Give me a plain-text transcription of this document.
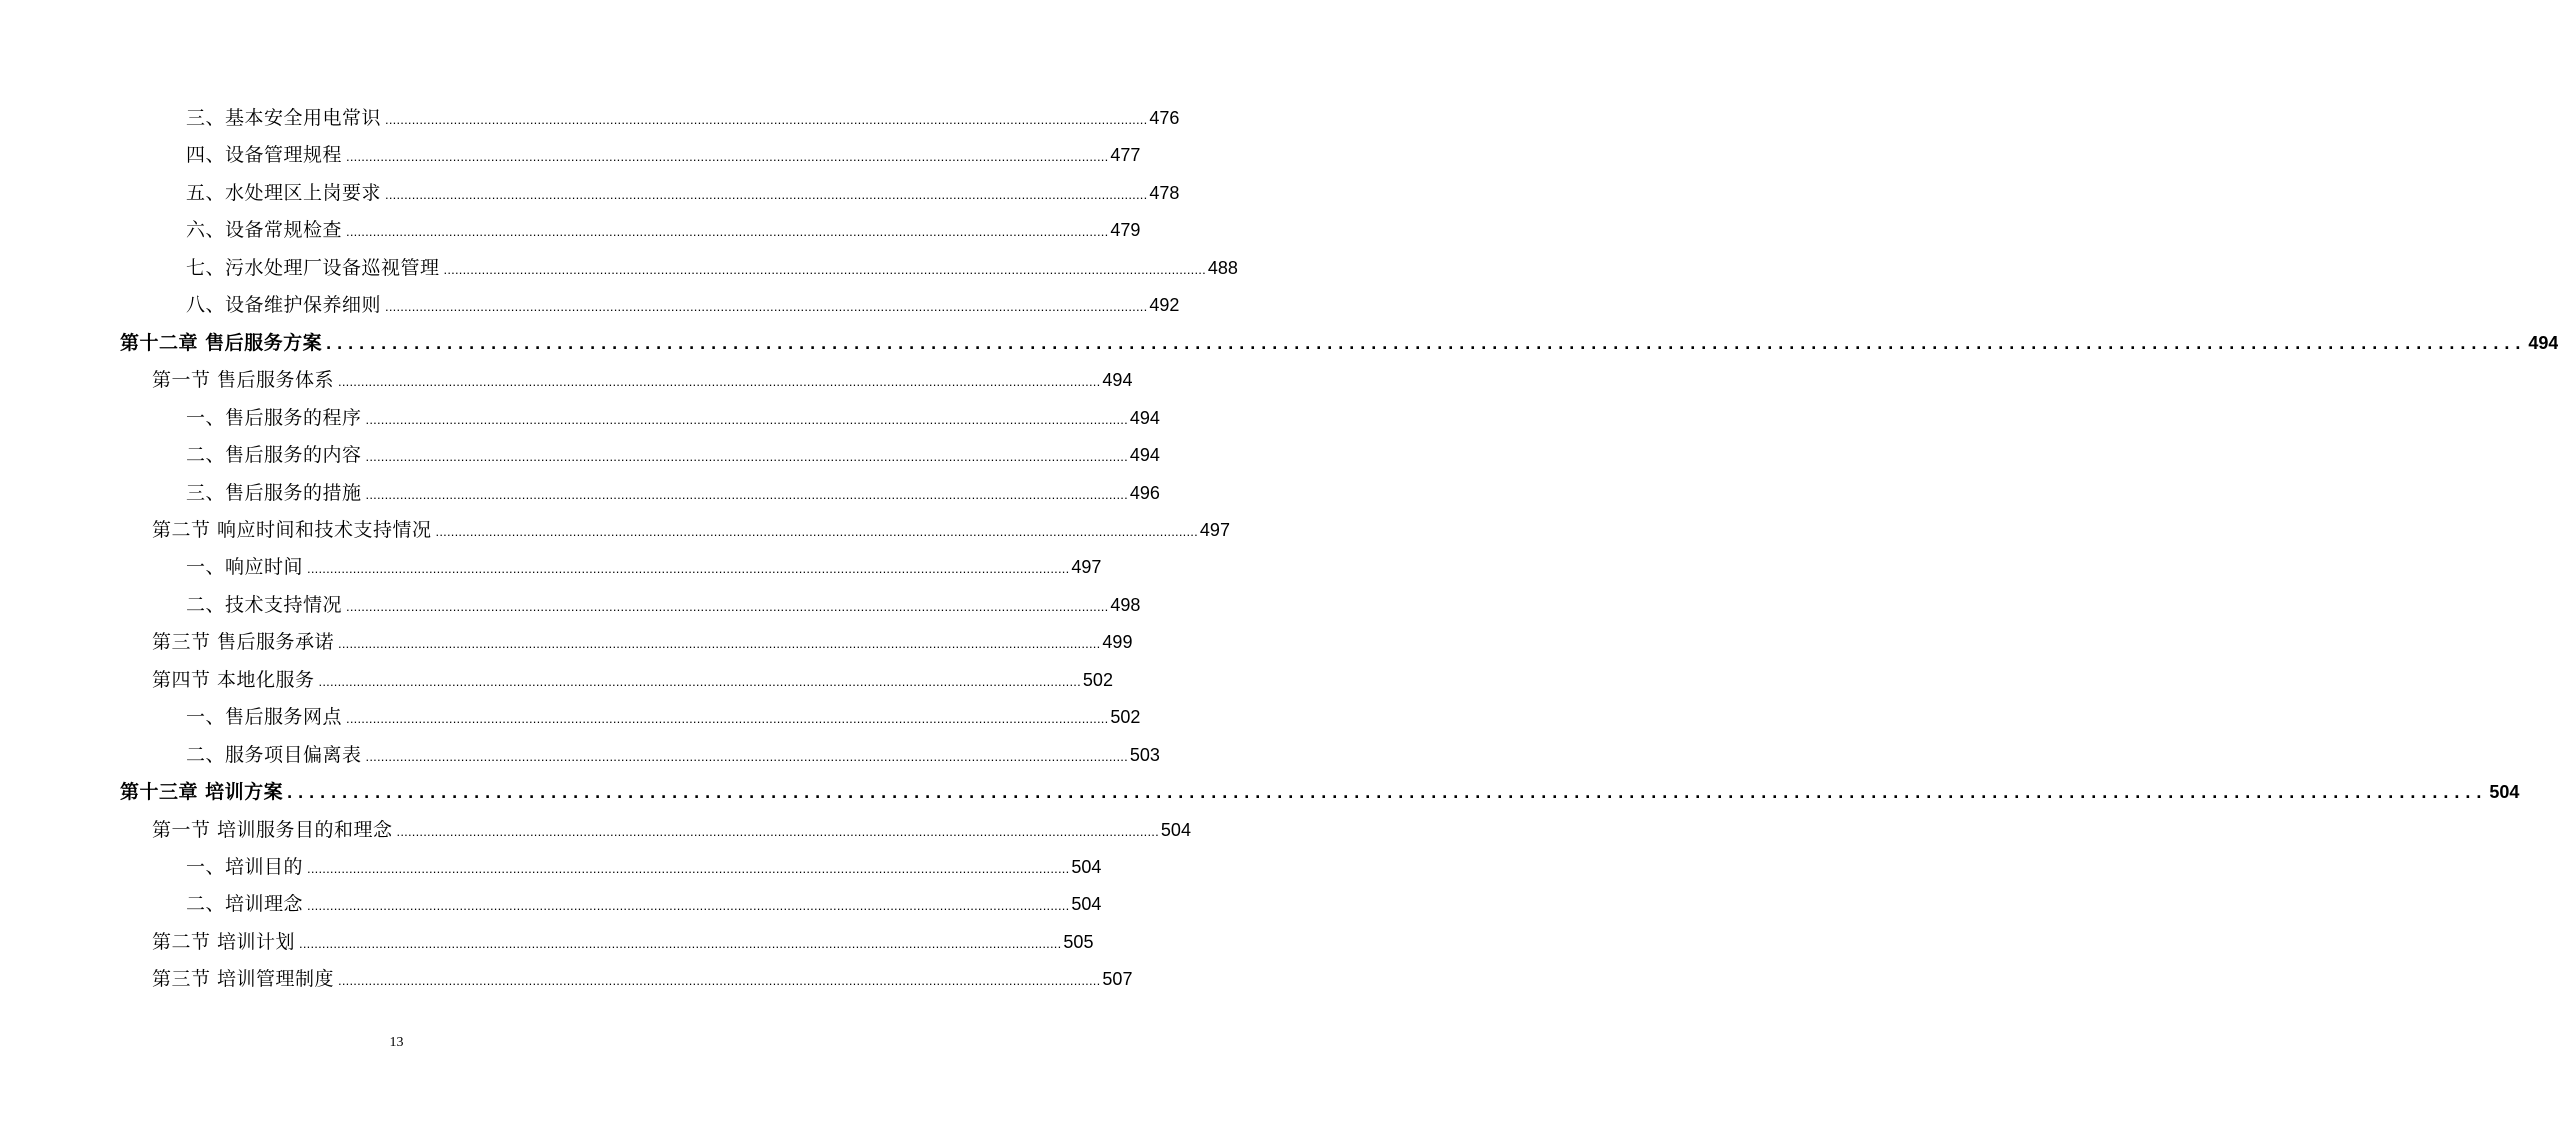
三、基本安全用电常识 ........................................................................................................................................................................................................ 476
四、设备管理规程 ........................................................................................................................................................................................................ 477
五、水处理区上岗要求 ........................................................................................................................................................................................................ 478
六、设备常规检查 ........................................................................................................................................................................................................ 479
七、污水处理厂设备巡视管理 ........................................................................................................................................................................................................ 488
八、设备维护保养细则 ........................................................................................................................................................................................................ 492
第十二章 售后服务方案 ........................................................................................................................................................................................................ 494
第一节 售后服务体系 ........................................................................................................................................................................................................ 494
一、售后服务的程序 ........................................................................................................................................................................................................ 494
二、售后服务的内容 ........................................................................................................................................................................................................ 494
三、售后服务的措施 ........................................................................................................................................................................................................ 496
第二节 响应时间和技术支持情况 ........................................................................................................................................................................................................ 497
一、响应时间 ........................................................................................................................................................................................................ 497
二、技术支持情况 ........................................................................................................................................................................................................ 498
第三节 售后服务承诺 ........................................................................................................................................................................................................ 499
第四节 本地化服务 ........................................................................................................................................................................................................ 502
一、售后服务网点 ........................................................................................................................................................................................................ 502
二、服务项目偏离表 ........................................................................................................................................................................................................ 503
第十三章 培训方案 ........................................................................................................................................................................................................ 504
第一节 培训服务目的和理念 ........................................................................................................................................................................................................ 504
一、培训目的 ........................................................................................................................................................................................................ 504
二、培训理念 ........................................................................................................................................................................................................ 504
第二节 培训计划 ........................................................................................................................................................................................................ 505
第三节 培训管理制度 ........................................................................................................................................................................................................ 507
13
